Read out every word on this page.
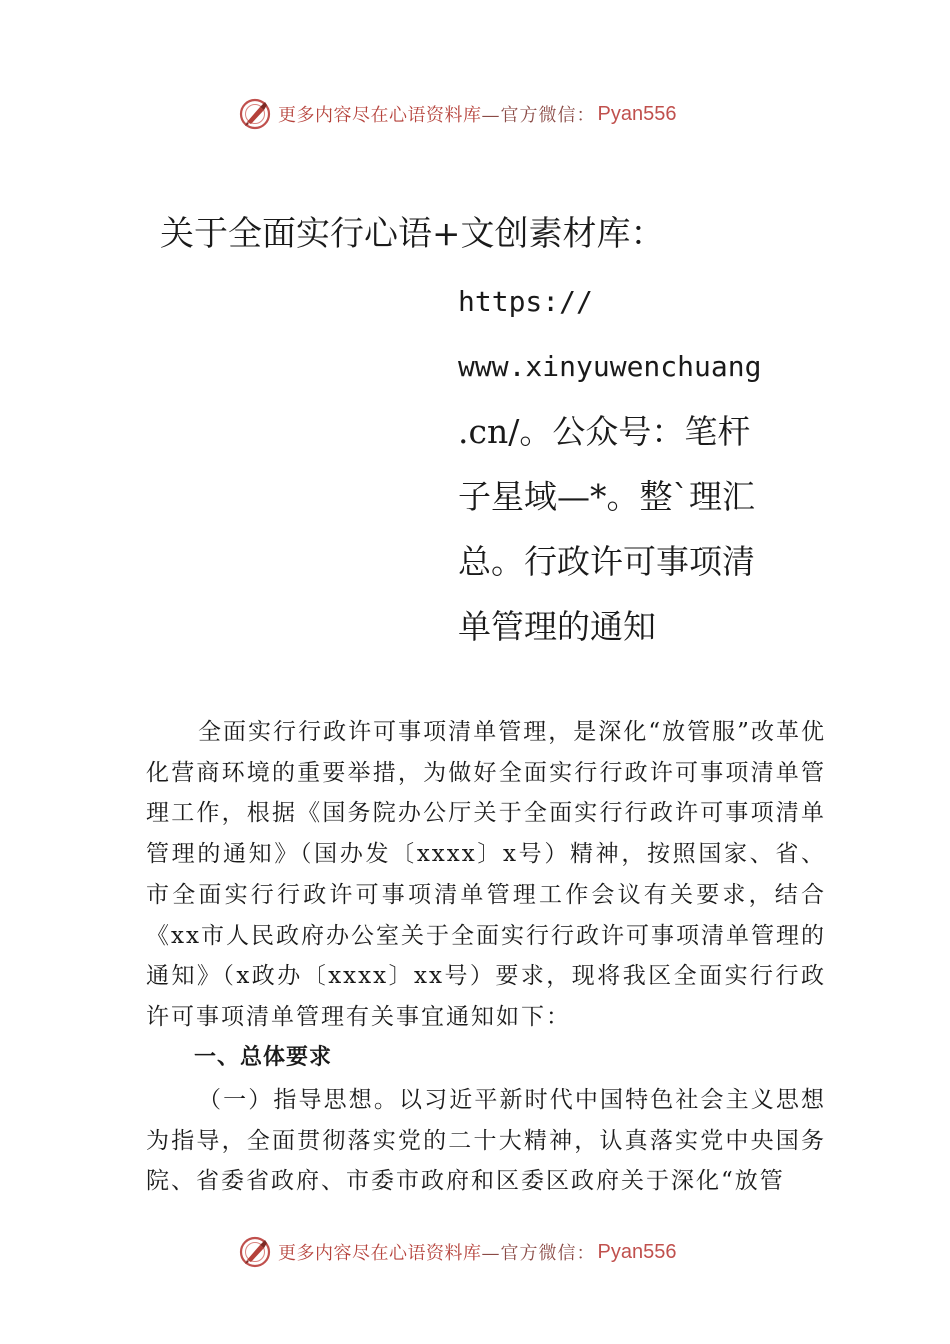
更多内容尽在心语资料库 —官方微信： Pyan556
关于全面实行心语+文创素材库：
https://
www.xinyuwenchuang
.cn/。公众号：笔杆
子星域—*。整`理汇
总。行政许可事项清
单管理的通知

全面实行行政许可事项清单管理，是深化“放管服”改革优化营商环境的重要举措，为做好全面实行行政许可事项清单管理工作，根据《国务院办公厅关于全面实行行政许可事项清单管理的通知》（国办发〔xxxx〕x号）精神，按照国家、省、市全面实行行政许可事项清单管理工作会议有关要求，结合《xx市人民政府办公室关于全面实行行政许可事项清单管理的通知》（x政办〔xxxx〕xx号）要求，现将我区全面实行行政许可事项清单管理有关事宜通知如下：

一、总体要求

（一）指导思想。以习近平新时代中国特色社会主义思想为指导，全面贯彻落实党的二十大精神，认真落实党中央国务院、省委省政府、市委市政府和区委区政府关于深化“放管

更多内容尽在心语资料库 —官方微信： Pyan556
